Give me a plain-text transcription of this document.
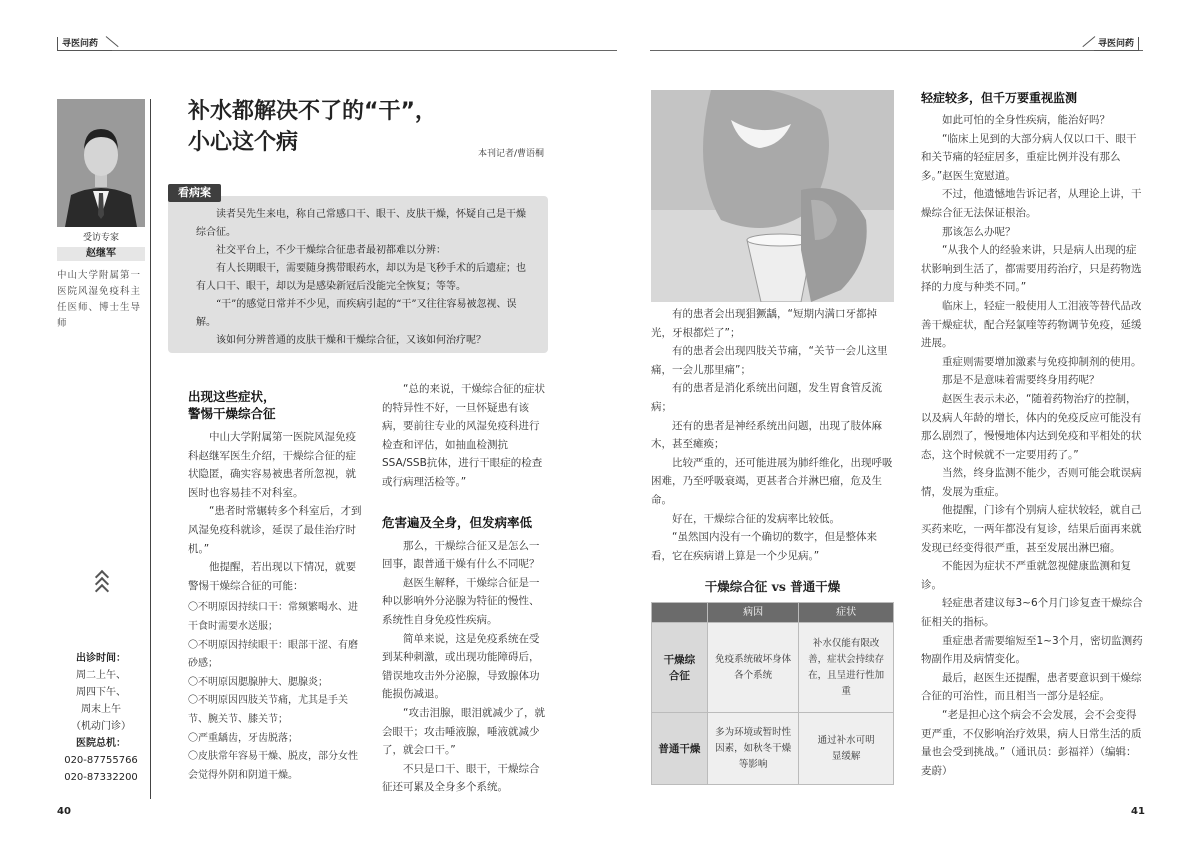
寻医问药	寻医问药
受访专家
赵继军
中山大学附属第一
医院风湿免疫科主
任医师、博士生导
师
出诊时间：
周二上午、
周四下午、
周末上午
（机动门诊）
医院总机：
020-87755766
020-87332200
补水都解决不了的“干”，
小心这个病	本刊记者/曹语桐

读者吴先生来电，称自己常感口干、眼干、皮肤干燥，怀疑自己是干燥综合征。

社交平台上，不少干燥综合征患者最初都难以分辨：

有人长期眼干，需要随身携带眼药水，却以为是飞秒手术的后遗症；也有人口干、眼干，却以为是感染新冠后没能完全恢复；等等。

“干”的感觉日常并不少见，而疾病引起的“干”又往往容易被忽视、误解。

该如何分辨普通的皮肤干燥和干燥综合征，又该如何治疗呢？

看病案
出现这些症状，
警惕干燥综合征

中山大学附属第一医院风湿免疫科赵继军医生介绍，干燥综合征的症状隐匿，确实容易被患者所忽视，就医时也容易挂不对科室。

“患者时常辗转多个科室后，才到风湿免疫科就诊，延误了最佳治疗时机。”

他提醒，若出现以下情况，就要警惕干燥综合征的可能：

〇不明原因持续口干：常频繁喝水、进干食时需要水送服；

〇不明原因持续眼干：眼部干涩、有磨砂感；

〇不明原因腮腺肿大、腮腺炎；

〇不明原因四肢关节痛，尤其是手关节、腕关节、膝关节；

〇严重龋齿，牙齿脱落；

〇皮肤常年容易干燥、脱皮，部分女性会觉得外阴和阴道干燥。

“总的来说，干燥综合征的症状的特异性不好，一旦怀疑患有该病，要前往专业的风湿免疫科进行检查和评估，如抽血检测抗SSA/SSB抗体，进行干眼症的检查或行病理活检等。”

危害遍及全身，但发病率低

那么，干燥综合征又是怎么一回事，跟普通干燥有什么不同呢？

赵医生解释，干燥综合征是一种以影响外分泌腺为特征的慢性、系统性自身免疫性疾病。

简单来说，这是免疫系统在受到某种刺激，或出现功能障碍后，错误地攻击外分泌腺，导致腺体功能损伤减退。

“攻击泪腺，眼泪就减少了，就会眼干；攻击唾液腺，唾液就减少了，就会口干。”

不只是口干、眼干，干燥综合征还可累及全身多个系统。

40

有的患者会出现猖獗龋，“短期内满口牙都掉光，牙根都烂了”；

有的患者会出现四肢关节痛，“关节一会儿这里痛，一会儿那里痛”；

有的患者是消化系统出问题，发生胃食管反流病；

还有的患者是神经系统出问题，出现了肢体麻木，甚至瘫痪；

比较严重的，还可能进展为肺纤维化，出现呼吸困难，乃至呼吸衰竭，更甚者合并淋巴瘤，危及生命。

好在，干燥综合征的发病率比较低。

“虽然国内没有一个确切的数字，但是整体来看，它在疾病谱上算是一个少见病。”

干燥综合征 vs 普通干燥
	病因	症状
干燥综合征	免疫系统破坏身体各个系统	补水仅能有限改善，症状会持续存在，且呈进行性加重
普通干燥	多为环境或暂时性因素，如秋冬干燥等影响	通过补水可明显缓解
轻症较多，但千万要重视监测

如此可怕的全身性疾病，能治好吗？

“临床上见到的大部分病人仅以口干、眼干和关节痛的轻症居多，重症比例并没有那么多。”赵医生宽慰道。

不过，他遗憾地告诉记者，从理论上讲，干燥综合征无法保证根治。

那该怎么办呢？

“从我个人的经验来讲，只是病人出现的症状影响到生活了，都需要用药治疗，只是药物选择的力度与种类不同。”

临床上，轻症一般使用人工泪液等替代品改善干燥症状，配合羟氯喹等药物调节免疫，延缓进展。

重症则需要增加激素与免疫抑制剂的使用。

那是不是意味着需要终身用药呢？

赵医生表示未必，“随着药物治疗的控制，以及病人年龄的增长，体内的免疫反应可能没有那么剧烈了，慢慢地体内达到免疫和平相处的状态，这个时候就不一定要用药了。”

当然，终身监测不能少，否则可能会耽误病情，发展为重症。

他提醒，门诊有个别病人症状较轻，就自己买药来吃，一两年都没有复诊，结果后面再来就发现已经变得很严重，甚至发展出淋巴瘤。

不能因为症状不严重就忽视健康监测和复诊。

轻症患者建议每3~6个月门诊复查干燥综合征相关的指标。

重症患者需要缩短至1~3个月，密切监测药物副作用及病情变化。

最后，赵医生还提醒，患者要意识到干燥综合征的可治性，而且相当一部分是轻症。

“老是担心这个病会不会发展，会不会变得更严重，不仅影响治疗效果，病人日常生活的质量也会受到挑战。”（通讯员：彭福祥）（编辑：麦蔚）

41
